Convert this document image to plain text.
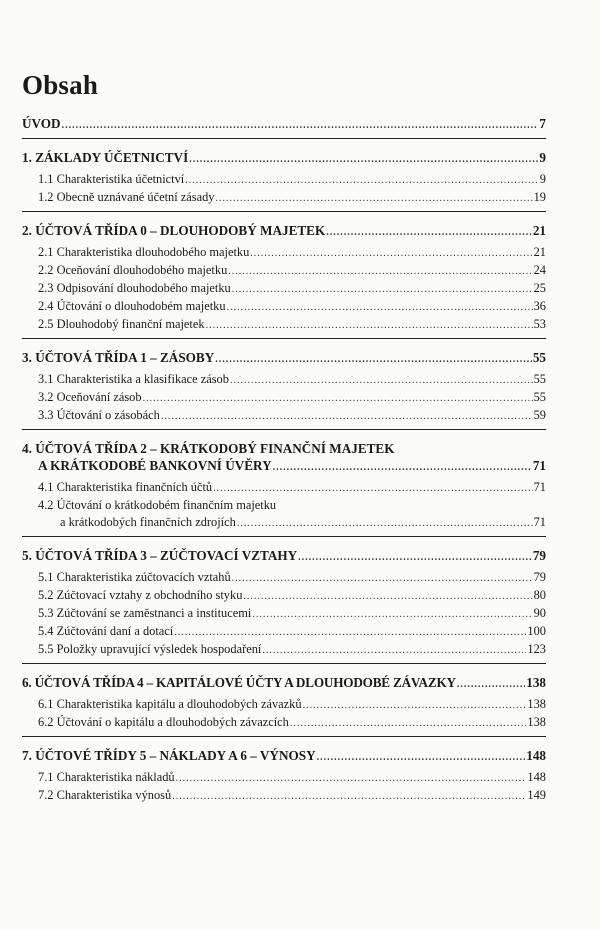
Obsah
ÚVOD .....	7
1. ZÁKLADY ÚČETNICTVÍ .....	9
1.1 Charakteristika účetnictví .....	9
1.2 Obecně uznávané účetní zásady .....	19
2. ÚČTOVÁ TŘÍDA 0 – DLOUHODOBÝ MAJETEK .....	21
2.1 Charakteristika dlouhodobého majetku .....	21
2.2 Oceňování dlouhodobého majetku .....	24
2.3 Odpisování dlouhodobého majetku .....	25
2.4 Účtování o dlouhodobém majetku .....	36
2.5 Dlouhodobý finanční majetek .....	53
3. ÚČTOVÁ TŘÍDA 1 – ZÁSOBY .....	55
3.1 Charakteristika a klasifikace zásob .....	55
3.2 Oceňování zásob .....	55
3.3 Účtování o zásobách .....	59
4. ÚČTOVÁ TŘÍDA 2 – KRÁTKODOBÝ FINANČNÍ MAJETEK
A KRÁTKODOBÉ BANKOVNÍ ÚVĚRY .....	71
4.1 Charakteristika finančních účtů .....	71
4.2 Účtování o krátkodobém finančním majetku
a krátkodobých finančních zdrojích .....	71
5. ÚČTOVÁ TŘÍDA 3 – ZÚČTOVACÍ VZTAHY .....	79
5.1 Charakteristika zúčtovacích vztahů .....	79
5.2 Zúčtovací vztahy z obchodního styku .....	80
5.3 Zúčtování se zaměstnanci a institucemi .....	90
5.4 Zúčtování daní a dotací .....	100
5.5 Položky upravující výsledek hospodaření .....	123
6. ÚČTOVÁ TŘÍDA 4 – KAPITÁLOVÉ ÚČTY A DLOUHODOBÉ ZÁVAZKY .....	138
6.1 Charakteristika kapitálu a dlouhodobých závazků .....	138
6.2 Účtování o kapitálu a dlouhodobých závazcích .....	138
7. ÚČTOVÉ TŘÍDY 5 – NÁKLADY A 6 – VÝNOSY .....	148
7.1 Charakteristika nákladů .....	148
7.2 Charakteristika výnosů .....	149
